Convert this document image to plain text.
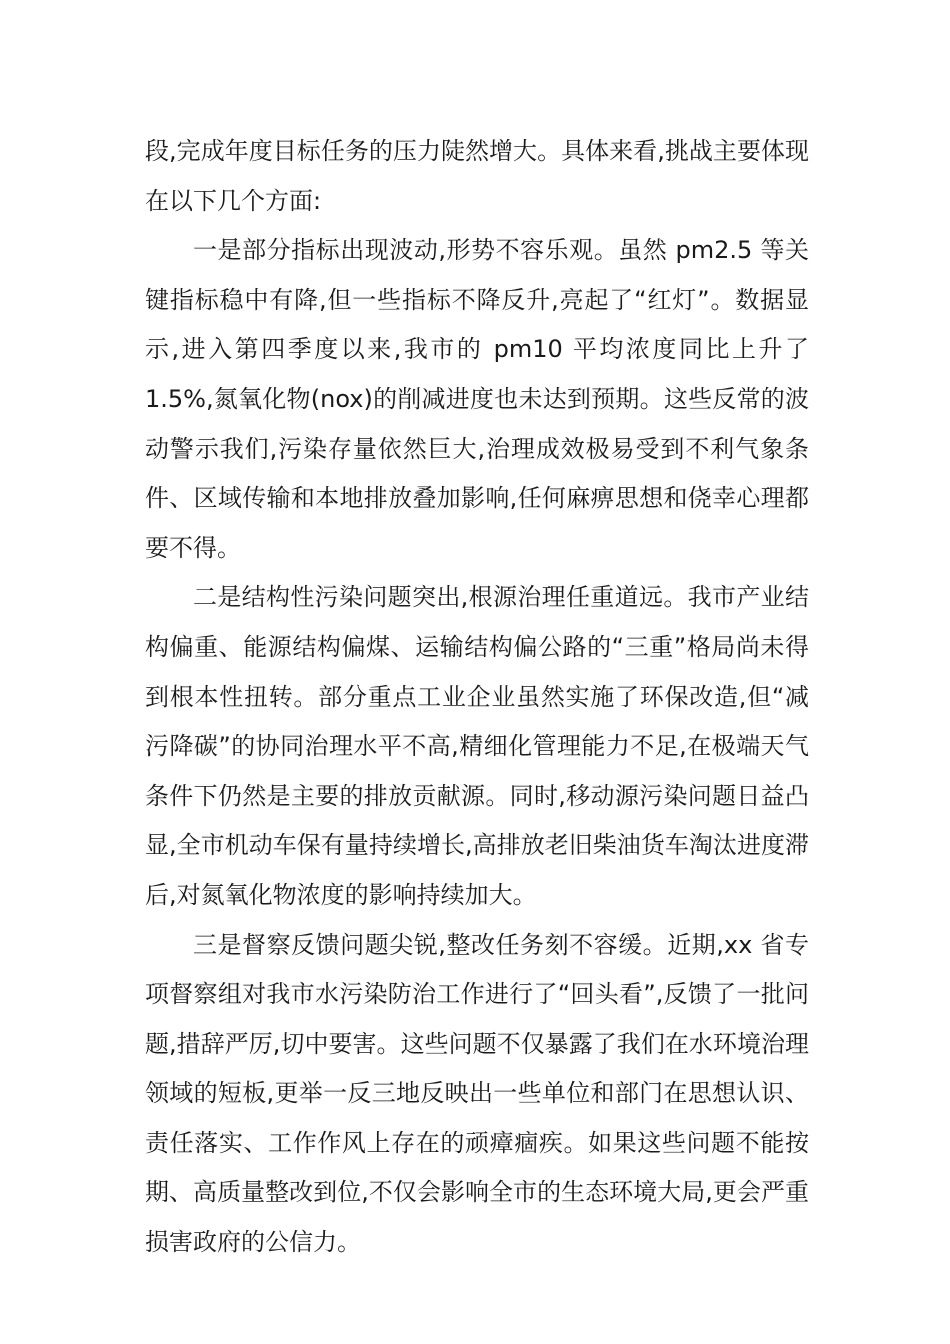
段,完成年度目标任务的压力陡然增大。具体来看,挑战主要体现在以下几个方面:

一是部分指标出现波动,形势不容乐观。虽然 pm2.5 等关键指标稳中有降,但一些指标不降反升,亮起了“红灯”。数据显示,进入第四季度以来,我市的 pm10 平均浓度同比上升了 1.5%,氮氧化物(nox)的削减进度也未达到预期。这些反常的波动警示我们,污染存量依然巨大,治理成效极易受到不利气象条件、区域传输和本地排放叠加影响,任何麻痹思想和侥幸心理都要不得。

二是结构性污染问题突出,根源治理任重道远。我市产业结构偏重、能源结构偏煤、运输结构偏公路的“三重”格局尚未得到根本性扭转。部分重点工业企业虽然实施了环保改造,但“减污降碳”的协同治理水平不高,精细化管理能力不足,在极端天气条件下仍然是主要的排放贡献源。同时,移动源污染问题日益凸显,全市机动车保有量持续增长,高排放老旧柴油货车淘汰进度滞后,对氮氧化物浓度的影响持续加大。

三是督察反馈问题尖锐,整改任务刻不容缓。近期,xx 省专项督察组对我市水污染防治工作进行了“回头看”,反馈了一批问题,措辞严厉,切中要害。这些问题不仅暴露了我们在水环境治理领域的短板,更举一反三地反映出一些单位和部门在思想认识、责任落实、工作作风上存在的顽瘴痼疾。如果这些问题不能按期、高质量整改到位,不仅会影响全市的生态环境大局,更会严重损害政府的公信力。
